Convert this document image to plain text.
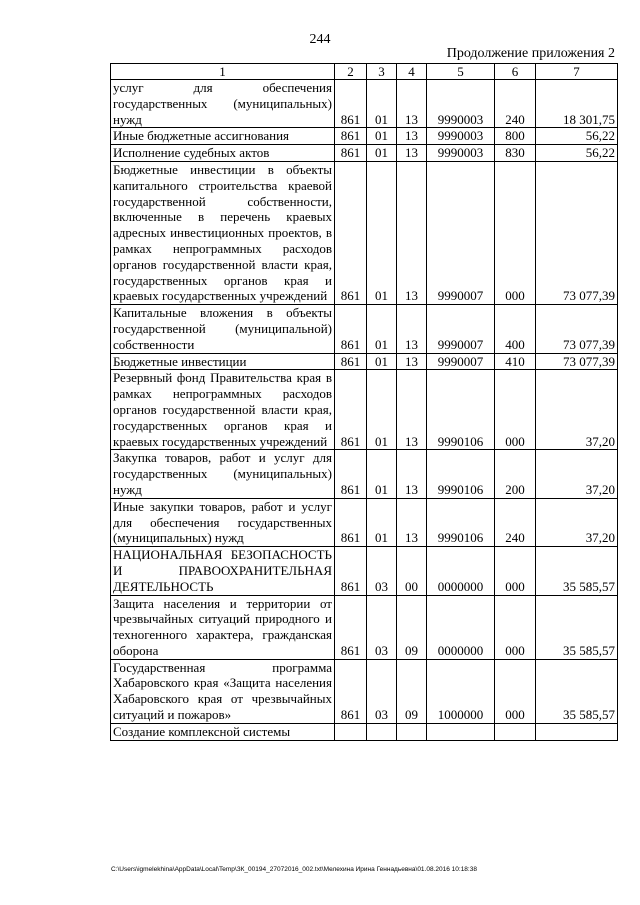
244
Продолжение приложения 2
1	2	3	4	5	6	7
услуг для обеспечения государственных (муниципальных) нужд	861	01	13	9990003	240	18 301,75
Иные бюджетные ассигнования	861	01	13	9990003	800	56,22
Исполнение судебных актов	861	01	13	9990003	830	56,22
Бюджетные инвестиции в объекты капитального строительства краевой государственной собственности, включенные в перечень краевых адресных инвестиционных проектов, в рамках непрограммных расходов органов государственной власти края, государственных органов края и краевых государственных учреждений	861	01	13	9990007	000	73 077,39
Капитальные вложения в объекты государственной (муниципальной) собственности	861	01	13	9990007	400	73 077,39
Бюджетные инвестиции	861	01	13	9990007	410	73 077,39
Резервный фонд Правительства края в рамках непрограммных расходов органов государственной власти края, государственных органов края и краевых государственных учреждений	861	01	13	9990106	000	37,20
Закупка товаров, работ и услуг для государственных (муниципальных) нужд	861	01	13	9990106	200	37,20
Иные закупки товаров, работ и услуг для обеспечения государственных (муниципальных) нужд	861	01	13	9990106	240	37,20
НАЦИОНАЛЬНАЯ БЕЗОПАСНОСТЬ И ПРАВООХРАНИТЕЛЬНАЯ ДЕЯТЕЛЬНОСТЬ	861	03	00	0000000	000	35 585,57
Защита населения и территории от чрезвычайных ситуаций природного и техногенного характера, гражданская оборона	861	03	09	0000000	000	35 585,57
Государственная программа Хабаровского края «Защита населения Хабаровского края от чрезвычайных ситуаций и пожаров»	861	03	09	1000000	000	35 585,57
Создание комплексной системы						
C:\Users\igmelekhina\AppData\Local\Temp\ЗК_00194_27072016_002.txt\Мелехина Ирина Геннадьевна\01.08.2016 10:18:38
